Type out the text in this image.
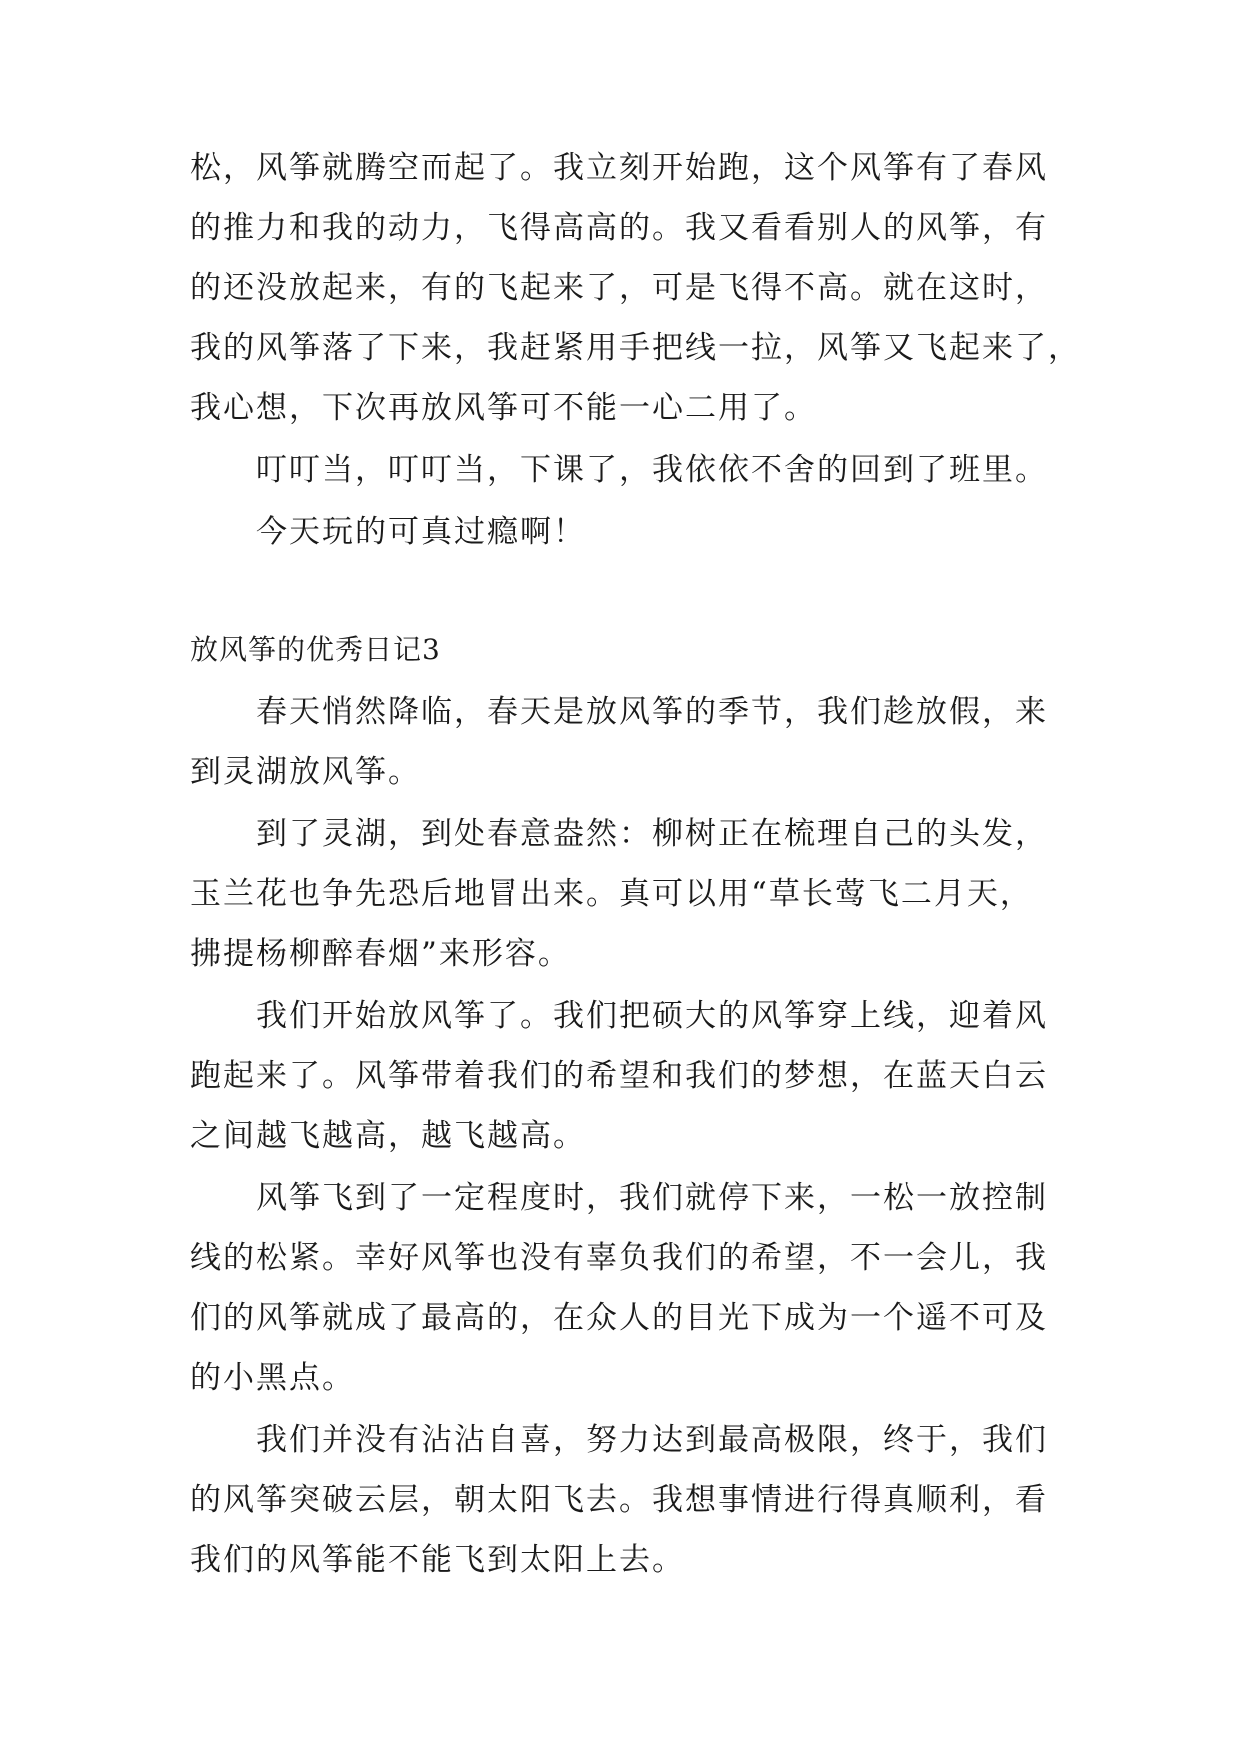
松，风筝就腾空而起了。我立刻开始跑，这个风筝有了春风
的推力和我的动力，飞得高高的。我又看看别人的风筝，有
的还没放起来，有的飞起来了，可是飞得不高。就在这时，
我的风筝落了下来，我赶紧用手把线一拉，风筝又飞起来了，
我心想，下次再放风筝可不能一心二用了。
叮叮当，叮叮当，下课了，我依依不舍的回到了班里。
今天玩的可真过瘾啊！
放风筝的优秀日记3
春天悄然降临，春天是放风筝的季节，我们趁放假，来
到灵湖放风筝。
到了灵湖，到处春意盎然：柳树正在梳理自己的头发，
玉兰花也争先恐后地冒出来。真可以用“草长莺飞二月天，
拂提杨柳醉春烟”来形容。
我们开始放风筝了。我们把硕大的风筝穿上线，迎着风
跑起来了。风筝带着我们的希望和我们的梦想，在蓝天白云
之间越飞越高，越飞越高。
风筝飞到了一定程度时，我们就停下来，一松一放控制
线的松紧。幸好风筝也没有辜负我们的希望，不一会儿，我
们的风筝就成了最高的，在众人的目光下成为一个遥不可及
的小黑点。
我们并没有沾沾自喜，努力达到最高极限，终于，我们
的风筝突破云层，朝太阳飞去。我想事情进行得真顺利，看
我们的风筝能不能飞到太阳上去。
